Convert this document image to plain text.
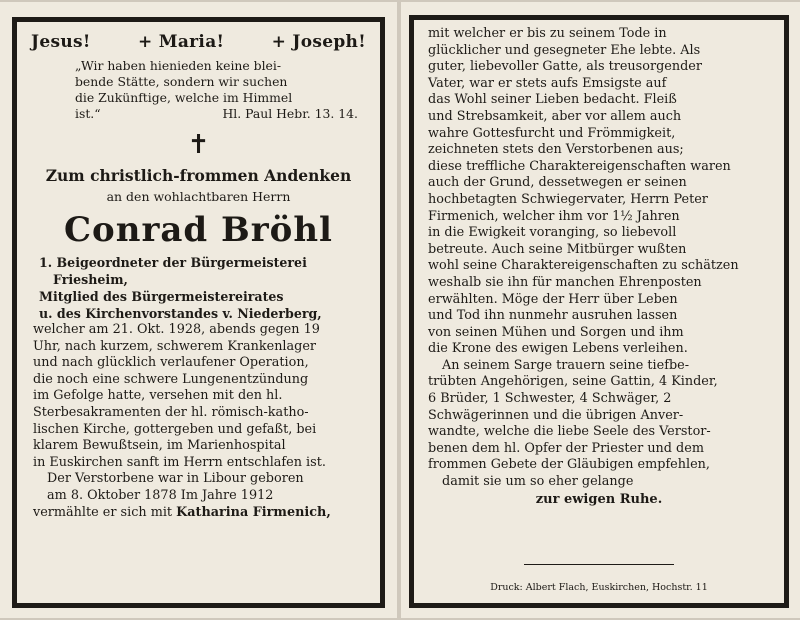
Jesus!	+ Maria!	+ Joseph!
„Wir haben hienieden keine blei-
bende Stätte, sondern wir suchen
die Zukünftige, welche im Himmel
ist.“	Hl. Paul Hebr. 13. 14.
✝
Zum christlich-frommen Andenken
an den wohlachtbaren Herrn
Conrad Bröhl
1. Beigeordneter der Bürgermeisterei
Friesheim,
Mitglied des Bürgermeistereirates
u. des Kirchenvorstandes v. Niederberg,

welcher am 21. Okt. 1928, abends gegen 19

Uhr, nach kurzem, schwerem Krankenlager

und nach glücklich verlaufener Operation,

die noch eine schwere Lungenentzündung

im Gefolge hatte, versehen mit den hl.

Sterbesakramenten der hl. römisch-katho-

lischen Kirche, gottergeben und gefaßt, bei

klarem Bewußtsein, im Marienhospital

in Euskirchen sanft im Herrn entschlafen ist.

Der Verstorbene war in Libour geboren

am 8. Oktober 1878 Im Jahre 1912

vermählte er sich mit Katharina Firmenich,

mit welcher er bis zu seinem Tode in

glücklicher und gesegneter Ehe lebte. Als

guter, liebevoller Gatte, als treusorgender

Vater, war er stets aufs Emsigste auf

das Wohl seiner Lieben bedacht. Fleiß

und Strebsamkeit, aber vor allem auch

wahre Gottesfurcht und Frömmigkeit,

zeichneten stets den Verstorbenen aus;

diese treffliche Charaktereigenschaften waren

auch der Grund, dessetwegen er seinen

hochbetagten Schwiegervater, Herrn Peter

Firmenich, welcher ihm vor 1½ Jahren

in die Ewigkeit voranging, so liebevoll

betreute. Auch seine Mitbürger wußten

wohl seine Charaktereigenschaften zu schätzen

weshalb sie ihn für manchen Ehrenposten

erwählten. Möge der Herr über Leben

und Tod ihn nunmehr ausruhen lassen

von seinen Mühen und Sorgen und ihm

die Krone des ewigen Lebens verleihen.

An seinem Sarge trauern seine tiefbe-

trübten Angehörigen, seine Gattin, 4 Kinder,

6 Brüder, 1 Schwester, 4 Schwäger, 2

Schwägerinnen und die übrigen Anver-

wandte, welche die liebe Seele des Verstor-

benen dem hl. Opfer der Priester und dem

frommen Gebete der Gläubigen empfehlen,

damit sie um so eher gelange

zur ewigen Ruhe.
Druck: Albert Flach, Euskirchen, Hochstr. 11
